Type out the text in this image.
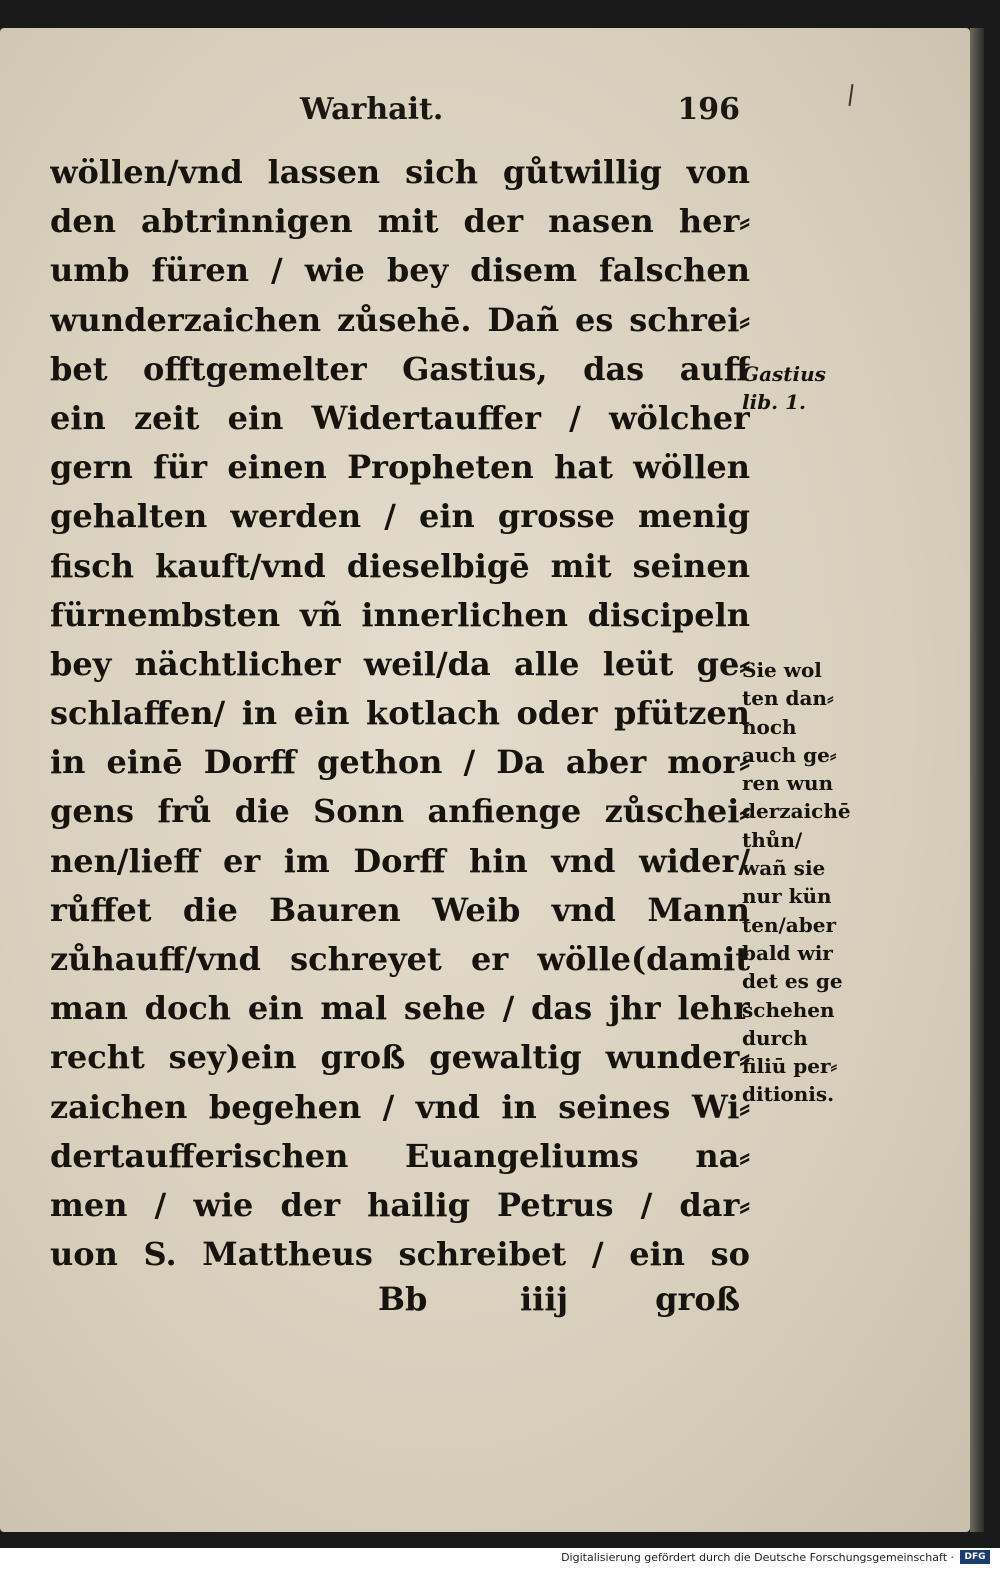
Warhait.	196
wöllen/vnd lassen sich gůtwillig von
den abtrinnigen mit der nasen her⸗
umb füren / wie bey disem falschen
wunderzaichen zůsehē. Dañ es schrei⸗
bet offtgemelter Gastius, das auff
ein zeit ein Widertauffer / wölcher
gern für einen Propheten hat wöllen
gehalten werden / ein grosse menig
fisch kauft/vnd dieselbigē mit seinen
fürnembsten vñ innerlichen discipeln
bey nächtlicher weil/da alle leüt ge⸗
schlaffen/ in ein kotlach oder pfützen
in einē Dorff gethon / Da aber mor⸗
gens frů die Sonn anfienge zůschei⸗
nen/lieff er im Dorff hin vnd wider/
růffet die Bauren Weib vnd Mann
zůhauff/vnd schreyet er wölle(damit
man doch ein mal sehe / das jhr lehr
recht sey)ein groß gewaltig wunder⸗
zaichen begehen / vnd in seines Wi⸗
dertaufferischen Euangeliums na⸗
men / wie der hailig Petrus / dar⸗
uon S. Mattheus schreibet / ein so
Bb	iiij	groß
Gastius
lib. 1.
Sie wol
ten dan⸗
noch
auch ge⸗
ren wun
derzaichē
thůn/
wañ sie
nur kün
ten/aber
bald wir
det es ge
schehen
durch
filiū per⸗
ditionis.
Digitalisierung gefördert durch die Deutsche Forschungsgemeinschaft ·	DFG
